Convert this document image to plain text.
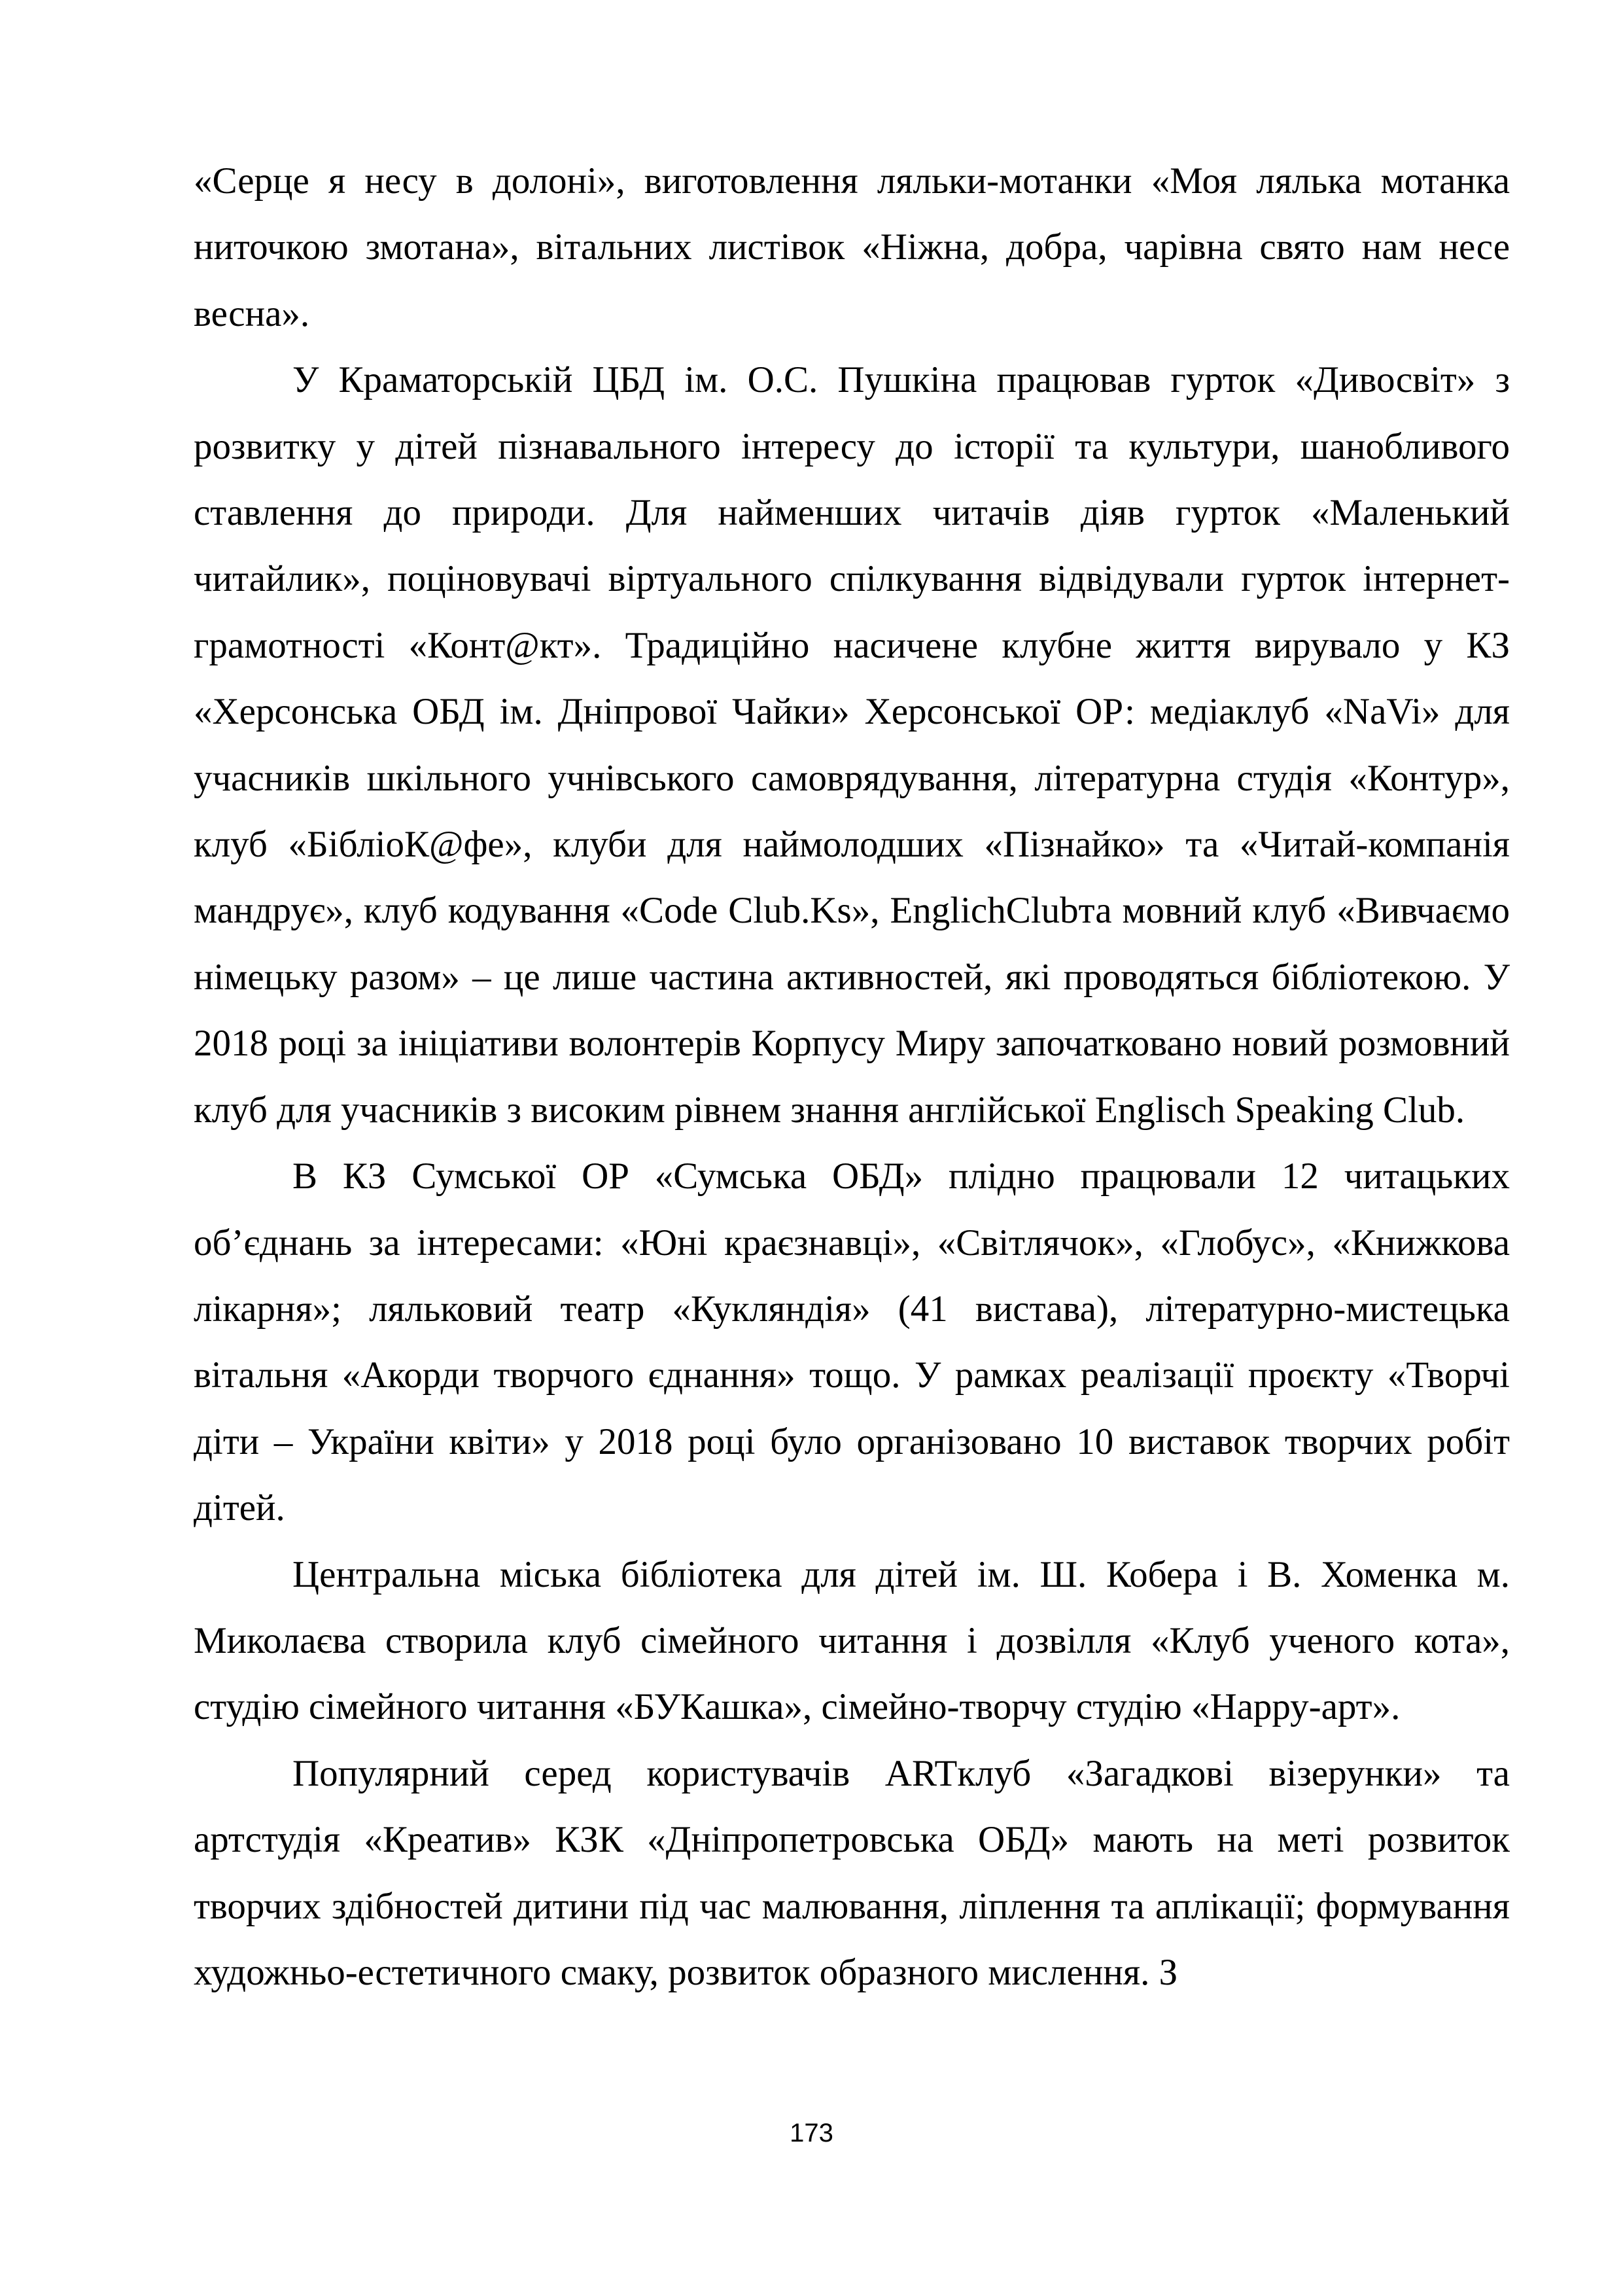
«Серце я несу в долоні», виготовлення ляльки-мотанки «Моя лялька мотанка ниточкою змотана», вітальних листівок «Ніжна, добра, чарівна свято нам несе весна».

У Краматорській ЦБД ім. О.С. Пушкіна працював гурток «Дивосвіт» з розвитку у дітей пізнавального інтересу до історії та культури, шанобливого ставлення до природи. Для найменших читачів діяв гурток «Маленький читайлик», поціновувачі віртуального спілкування відвідували гурток інтернет-грамотності «Конт@кт». Традиційно насичене клубне життя вирувало у КЗ «Херсонська ОБД ім. Дніпрової Чайки» Херсонської ОР: медіаклуб «NaVi» для учасників шкільного учнівського самоврядування, літературна студія «Контур», клуб «БібліоК@фе», клуби для наймолодших «Пізнайко» та «Читай-компанія мандрує», клуб кодування «Code Club.Ks», EnglichClubта мовний клуб «Вивчаємо німецьку разом» – це лише частина активностей, які проводяться бібліотекою. У 2018 році за ініціативи волонтерів Корпусу Миру започатковано новий розмовний клуб для учасників з високим рівнем знання англійської Englisch Speaking Club.

В КЗ Сумської ОР «Сумська ОБД» плідно працювали 12 читацьких об’єднань за інтересами: «Юні краєзнавці», «Світлячок», «Глобус», «Книжкова лікарня»; ляльковий театр «Кукляндія» (41 вистава), літературно-мистецька вітальня «Акорди творчого єднання» тощо. У рамках реалізації проєкту «Творчі діти – України квіти» у 2018 році було організовано 10 виставок творчих робіт дітей.

Центральна міська бібліотека для дітей ім. Ш. Кобера і В. Хоменка м. Миколаєва створила клуб сімейного читання і дозвілля «Клуб ученого кота», студію сімейного читання «БУКашка», сімейно-творчу студію «Нарру-арт».

Популярний серед користувачів ARTклуб «Загадкові візерунки» та артстудія «Креатив» КЗК «Дніпропетровська ОБД» мають на меті розвиток творчих здібностей дитини під час малювання, ліплення та аплікації; формування художньо-естетичного смаку, розвиток образного мислення. З

173
